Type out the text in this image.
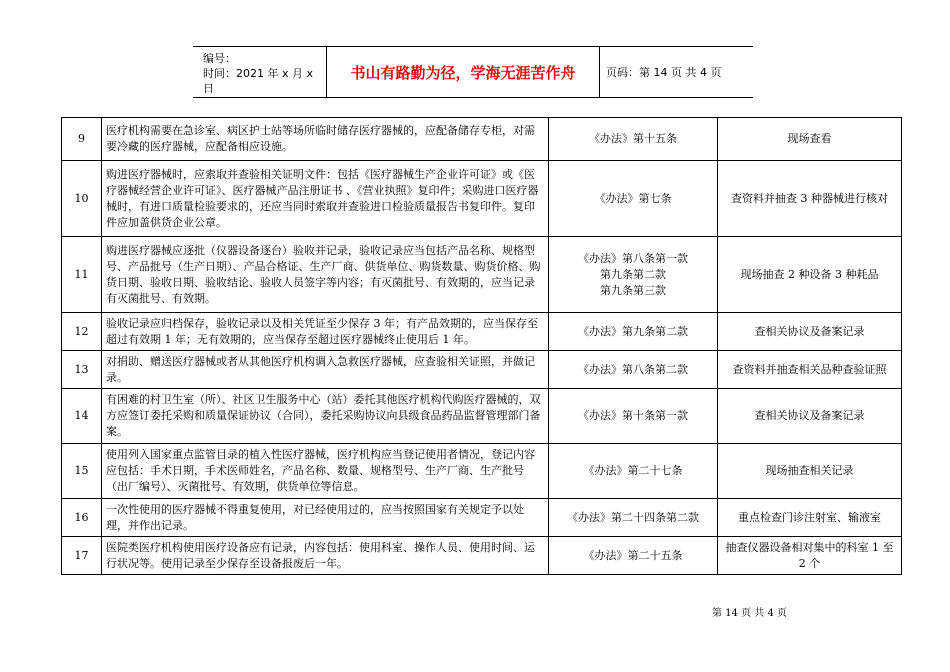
编号：
时间：2021 年 x 月 x 日
书山有路勤为径，学海无涯苦作舟	页码：第 14 页 共 4 页
9	医疗机构需要在急诊室、病区护士站等场所临时储存医疗器械的，应配备储存专柜，对需要冷藏的医疗器械，应配备相应设施。	《办法》第十五条	现场查看
10	购进医疗器械时，应索取并查验相关证明文件：包括《医疗器械生产企业许可证》或《医疗器械经营企业许可证》、医疗器械产品注册证书 、《营业执照》复印件；采购进口医疗器械时，有进口质量检验要求的，还应当同时索取并查验进口检验质量报告书复印件。复印件应加盖供货企业公章。	《办法》第七条	查资料并抽查 3 种器械进行核对
11	购进医疗器械应逐批（仪器设备逐台）验收并记录，验收记录应当包括产品名称、规格型号、产品批号（生产日期）、产品合格证、生产厂商、供货单位、购货数量、购货价格、购货日期、验收日期、验收结论、验收人员签字等内容；有灭菌批号、有效期的，应当记录有灭菌批号、有效期。	《办法》第八条第一款
第九条第二款
第九条第三款	现场抽查 2 种设备 3 种耗品
12	验收记录应归档保存，验收记录以及相关凭证至少保存 3 年；有产品效期的，应当保存至超过有效期 1 年；无有效期的，应当保存至超过医疗器械终止使用后 1 年。	《办法》第九条第二款	查相关协议及备案记录
13	对捐助、赠送医疗器械或者从其他医疗机构调入急救医疗器械，应查验相关证照，并做记录。	《办法》第八条第二款	查资料并抽查相关品种查验证照
14	有困难的村卫生室（所）、社区卫生服务中心（站）委托其他医疗机构代购医疗器械的，双方应签订委托采购和质量保证协议（合同），委托采购协议向县级食品药品监督管理部门备案。	《办法》第十条第一款	查相关协议及备案记录
15	使用列入国家重点监管目录的植入性医疗器械，医疗机构应当登记使用者情况，登记内容应包括：手术日期，手术医师姓名，产品名称、数量、规格型号、生产厂商、生产批号（出厂编号）、灭菌批号、有效期，供货单位等信息。	《办法》第二十七条	现场抽查相关记录
16	一次性使用的医疗器械不得重复使用，对已经使用过的，应当按照国家有关规定予以处理，并作出记录。	《办法》第二十四条第二款	重点检查门诊注射室、输液室
17	医院类医疗机构使用医疗设备应有记录，内容包括：使用科室、操作人员、使用时间、运行状况等。使用记录至少保存至设备报废后一年。	《办法》第二十五条	抽查仪器设备相对集中的科室 1 至 2 个
第 14 页 共 4 页
